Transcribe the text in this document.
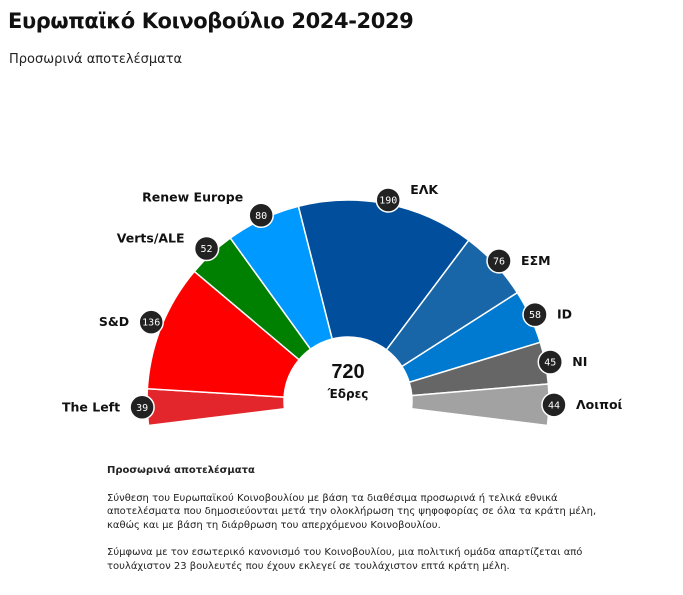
Ευρωπαϊκό Κοινοβούλιο 2024-2029
Προσωρινά αποτελέσματα
39
136
52
80
190
76
58
45
44
The Left
S&D
Verts/ALE
Renew Europe	ΕΛΚ
ΕΣΜ
ID
NI
Λοιποί
720
Έδρες
Προσωρινά αποτελέσματα

Σύνθεση του Ευρωπαϊκού Κοινοβουλίου με βάση τα διαθέσιμα προσωρινά ή τελικά εθνικά αποτελέσματα που δημοσιεύονται μετά την ολοκλήρωση της ψηφοφορίας σε όλα τα κράτη μέλη, καθώς και με βάση τη διάρθρωση του απερχόμενου Κοινοβουλίου.

Σύμφωνα με τον εσωτερικό κανονισμό του Κοινοβουλίου, μια πολιτική ομάδα απαρτίζεται από τουλάχιστον 23 βουλευτές που έχουν εκλεγεί σε τουλάχιστον επτά κράτη μέλη.
